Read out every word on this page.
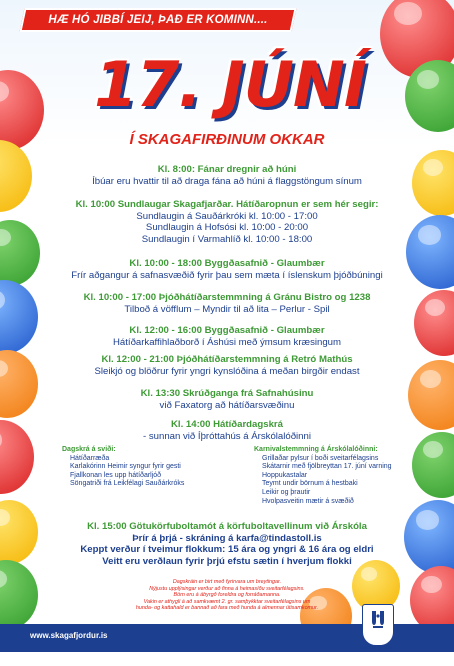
HÆ HÓ JIBBÍ JEIJ, ÞAÐ ER KOMINN....
17. JÚNÍ
Í SKAGAFIRÐINUM OKKAR
Kl. 8:00: Fánar dregnir að húni
Íbúar eru hvattir til að draga fána að húni á flaggstöngum sínum
Kl. 10:00 Sundlaugar Skagafjarðar. Hátíðaropnun er sem hér segir:
Sundlaugin á Sauðárkróki kl. 10:00 - 17:00
Sundlaugin á Hofsósi kl. 10:00 - 20:00
Sundlaugin í Varmahlíð kl. 10:00 - 18:00
Kl. 10:00 - 18:00 Byggðasafnið - Glaumbær
Frír aðgangur á safnasvæðið fyrir þau sem mæta í íslenskum þjóðbúningi
Kl. 10:00 - 17:00 Þjóðhátíðarstemmning á Gránu Bistro og 1238
Tilboð á vöfflum – Myndir til að lita – Perlur - Spil
Kl. 12:00 - 16:00 Byggðasafnið - Glaumbær
Hátíðarkaffihlaðborð í Áshúsi með ýmsum kræsingum
Kl. 12:00 - 21:00 Þjóðhátíðarstemmning á Retró Mathús
Sleikjó og blöðrur fyrir yngri kynslóðina á meðan birgðir endast
Kl. 13:30 Skrúðganga frá Safnahúsinu
við Faxatorg að hátíðarsvæðinu
Kl. 14:00 Hátíðardagskrá
- sunnan við Íþróttahús á Árskólalóðinni
Dagskrá á sviði:
Hátíðarræða
Karlakórinn Heimir syngur fyrir gesti
Fjallkonan les upp hátíðarljóð
Söngatriði frá Leikfélagi Sauðárkróks
Karnivalstemmning á Árskólalóðinni:
Grillaðar pylsur í boði sveitarfélagsins
Skátarnir með fjölbreyttan 17. júní varning
Hoppukastalar
Teymt undir börnum á hestbaki
Leikir og þrautir
Hvolpasveitin mætir á svæðið
Kl. 15:00 Götukörfuboltamót á körfuboltavellinum við Árskóla
Þrír á þrjá - skráning á karfa@tindastoll.is
Keppt verður í tveimur flokkum: 15 ára og yngri & 16 ára og eldri
Veitt eru verðlaun fyrir þrjú efstu sætin í hverjum flokki
Dagskráin er birt með fyrirvara um breytingar.
Nýjustu upplýsingar verður að finna á heimasíðu sveitarfélagsins.
Börn eru á ábyrgð foreldra og forráðamanna.
Vakin er athygli á að samkvæmt 2. gr. samþykktar sveitarfélagsins um
hunda- og kattahald er bannað að fara með hunda á almennar útisamkomur.
www.skagafjordur.is
Skagafjörður
